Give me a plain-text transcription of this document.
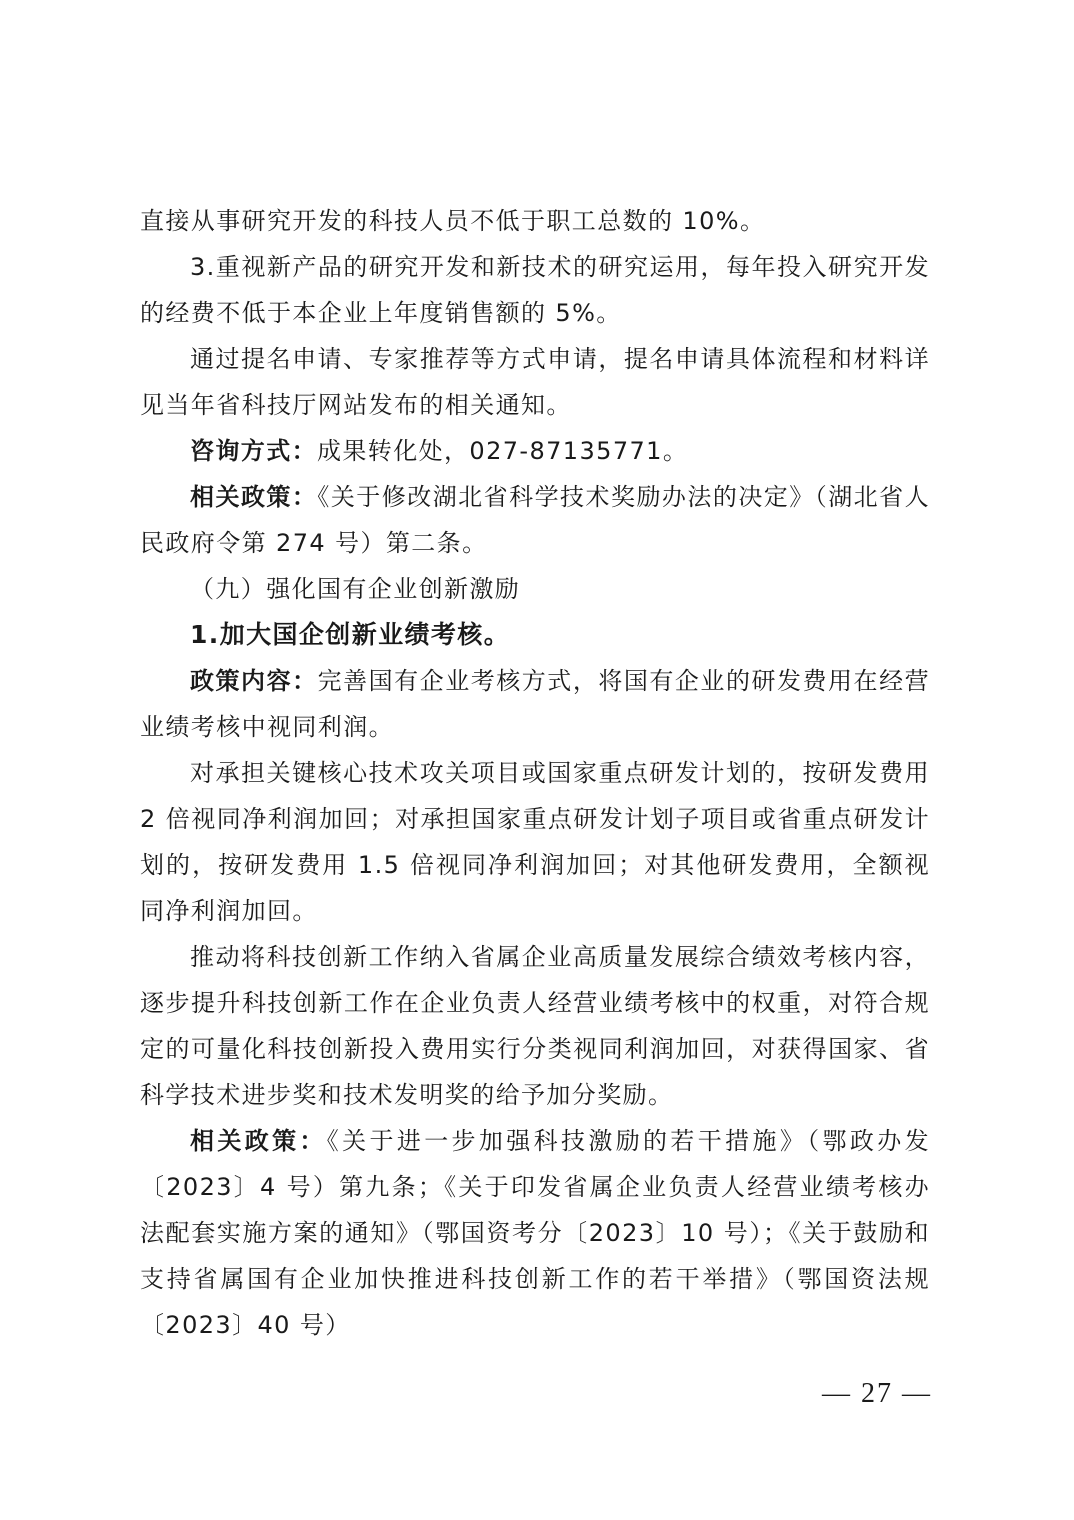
直接从事研究开发的科技人员不低于职工总数的 10%。

3.重视新产品的研究开发和新技术的研究运用，每年投入研究开发的经费不低于本企业上年度销售额的 5%。

通过提名申请、专家推荐等方式申请，提名申请具体流程和材料详见当年省科技厅网站发布的相关通知。

咨询方式：成果转化处，027-87135771。

相关政策：《关于修改湖北省科学技术奖励办法的决定》（湖北省人民政府令第 274 号）第二条。

（九）强化国有企业创新激励

1.加大国企创新业绩考核。

政策内容：完善国有企业考核方式，将国有企业的研发费用在经营业绩考核中视同利润。

对承担关键核心技术攻关项目或国家重点研发计划的，按研发费用 2 倍视同净利润加回；对承担国家重点研发计划子项目或省重点研发计划的，按研发费用 1.5 倍视同净利润加回；对其他研发费用，全额视同净利润加回。

推动将科技创新工作纳入省属企业高质量发展综合绩效考核内容，逐步提升科技创新工作在企业负责人经营业绩考核中的权重，对符合规定的可量化科技创新投入费用实行分类视同利润加回，对获得国家、省科学技术进步奖和技术发明奖的给予加分奖励。

相关政策：《关于进一步加强科技激励的若干措施》（鄂政办发〔2023〕4 号）第九条；《关于印发省属企业负责人经营业绩考核办法配套实施方案的通知》（鄂国资考分〔2023〕10 号）；《关于鼓励和支持省属国有企业加快推进科技创新工作的若干举措》（鄂国资法规〔2023〕40 号）

— 27 —
